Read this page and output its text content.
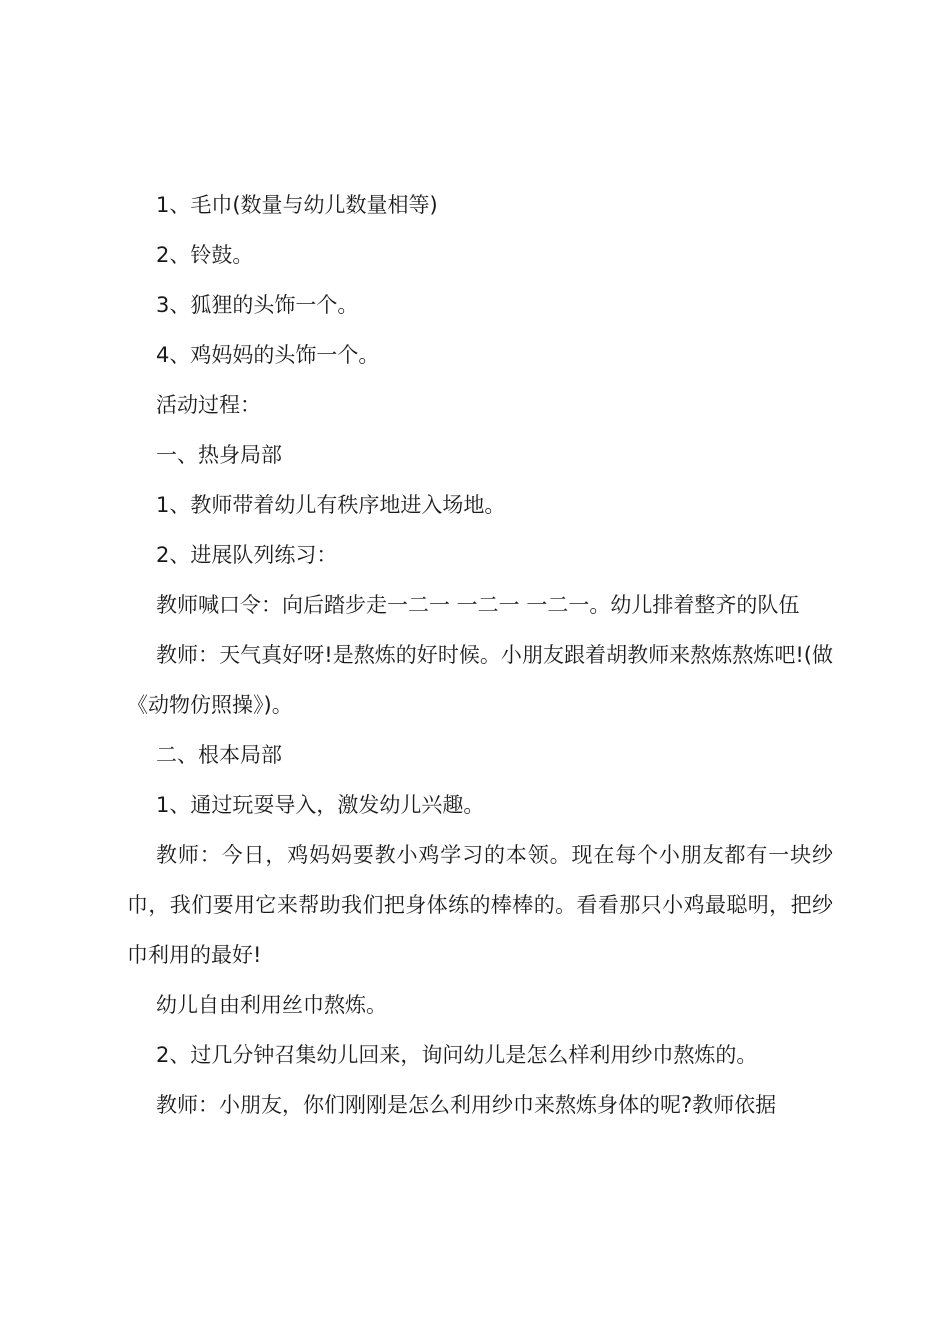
1、毛巾(数量与幼儿数量相等)

2、铃鼓。

3、狐狸的头饰一个。

4、鸡妈妈的头饰一个。

活动过程：

一、热身局部

1、教师带着幼儿有秩序地进入场地。

2、进展队列练习：

教师喊口令：向后踏步走一二一 一二一 一二一。幼儿排着整齐的队伍

教师：天气真好呀!是熬炼的好时候。小朋友跟着胡教师来熬炼熬炼吧!(做《动物仿照操》)。

二、根本局部

1、通过玩耍导入，激发幼儿兴趣。

教师：今日，鸡妈妈要教小鸡学习的本领。现在每个小朋友都有一块纱巾，我们要用它来帮助我们把身体练的棒棒的。看看那只小鸡最聪明，把纱巾利用的最好!

幼儿自由利用丝巾熬炼。

2、过几分钟召集幼儿回来，询问幼儿是怎么样利用纱巾熬炼的。

教师：小朋友，你们刚刚是怎么利用纱巾来熬炼身体的呢?教师依据
